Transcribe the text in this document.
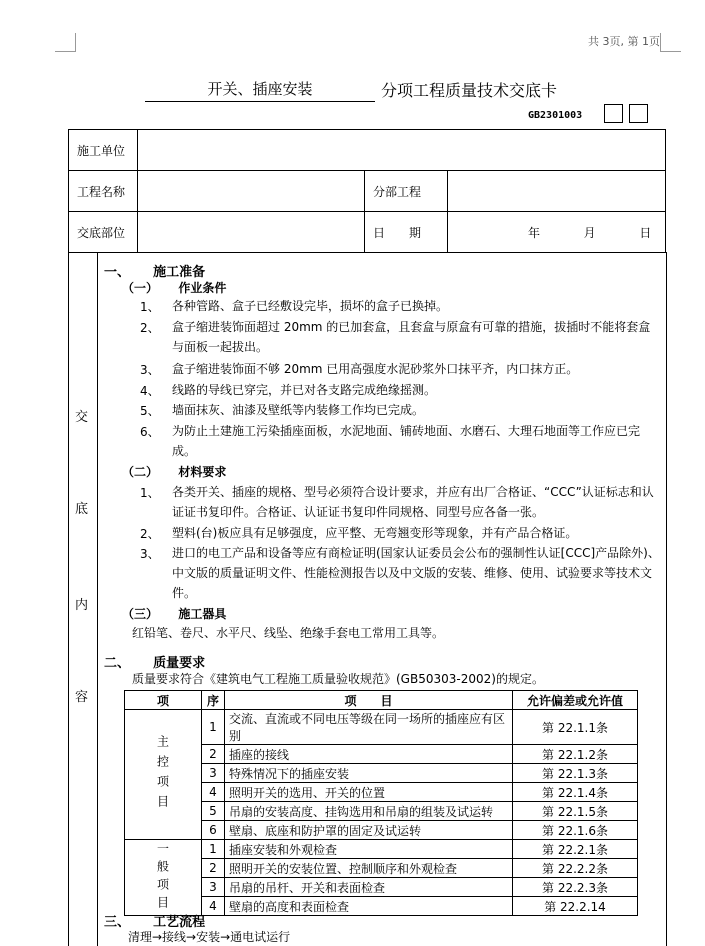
共 3页, 第 1页
开关、插座安装	分项工程质量技术交底卡
GB2301003
施工单位			
工程名称		分部工程	
交底部位		日　　期	年 月 日
交
底
内
容
一、 施工准备
（一） 作业条件
1、 各种管路、盒子已经敷设完毕，损坏的盒子已换掉。
2、 盒子缩进装饰面超过 20mm 的已加套盒，且套盒与原盒有可靠的措施，拔插时不能将套盒与面板一起拔出。
3、 盒子缩进装饰面不够 20mm 已用高强度水泥砂浆外口抹平齐，内口抹方正。
4、 线路的导线已穿完，并已对各支路完成绝缘摇测。
5、 墙面抹灰、油漆及壁纸等内装修工作均已完成。
6、 为防止土建施工污染插座面板，水泥地面、铺砖地面、水磨石、大理石地面等工作应已完成。
（二） 材料要求
1、 各类开关、插座的规格、型号必须符合设计要求，并应有出厂合格证、“CCC”认证标志和认证证书复印件。合格证、认证证书复印件同规格、同型号应各备一张。
2、 塑料(台)板应具有足够强度，应平整、无弯翘变形等现象，并有产品合格证。
3、 进口的电工产品和设备等应有商检证明(国家认证委员会公布的强制性认证[CCC]产品除外)、中文版的质量证明文件、性能检测报告以及中文版的安装、维修、使用、试验要求等技术文件。
（三） 施工器具
红铅笔、卷尺、水平尺、线坠、绝缘手套电工常用工具等。
二、 质量要求
质量要求符合《建筑电气工程施工质量验收规范》(GB50303-2002)的规定。
项	序	项　　目	允许偏差或允许值
主控项目	1	交流、直流或不同电压等级在同一场所的插座应有区别	第 22.1.1条
	2	插座的接线	第 22.1.2条
	3	特殊情况下的插座安装	第 22.1.3条
	4	照明开关的选用、开关的位置	第 22.1.4条
	5	吊扇的安装高度、挂钩选用和吊扇的组装及试运转	第 22.1.5条
	6	壁扇、底座和防护罩的固定及试运转	第 22.1.6条
一般项目	1	插座安装和外观检查	第 22.2.1条
	2	照明开关的安装位置、控制顺序和外观检查	第 22.2.2条
	3	吊扇的吊杆、开关和表面检查	第 22.2.3条
	4	壁扇的高度和表面检查	第 22.2.14
三、 工艺流程
清理→接线→安装→通电试运行
